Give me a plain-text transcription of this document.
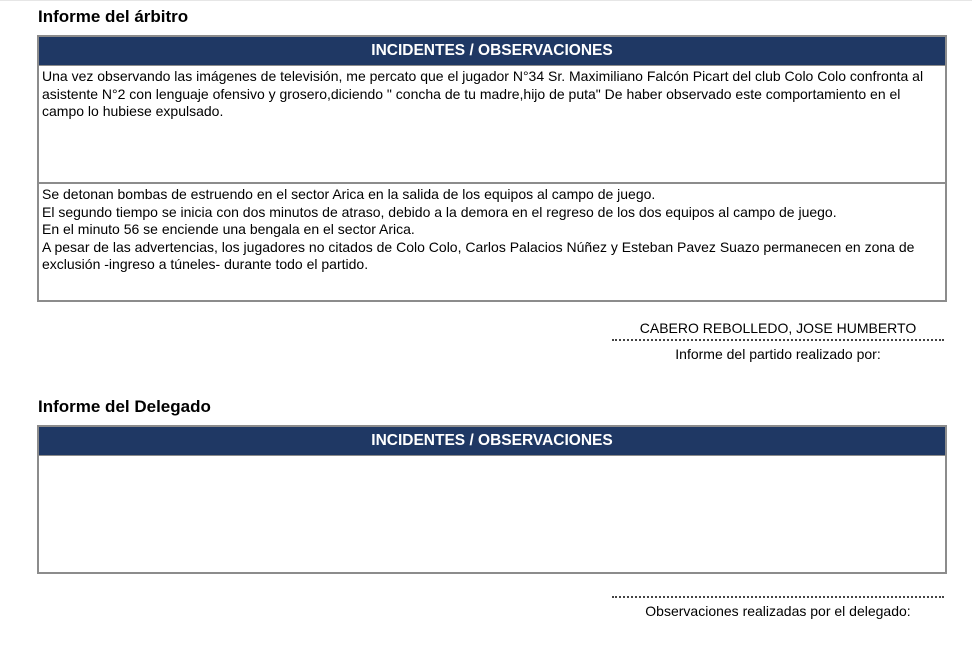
Informe del árbitro
INCIDENTES / OBSERVACIONES

Una vez observando las imágenes de televisión, me percato que el jugador N°34 Sr. Maximiliano Falcón Picart del club Colo Colo confronta al asistente N°2 con lenguaje ofensivo y grosero,diciendo " concha de tu madre,hijo de puta" De haber observado este comportamiento en el campo lo hubiese expulsado.

Se detonan bombas de estruendo en el sector Arica en la salida de los equipos al campo de juego.

El segundo tiempo se inicia con dos minutos de atraso, debido a la demora en el regreso de los dos equipos al campo de juego.

En el minuto 56 se enciende una bengala en el sector Arica.

A pesar de las advertencias, los jugadores no citados de Colo Colo, Carlos Palacios Núñez y Esteban Pavez Suazo permanecen en zona de exclusión -ingreso a túneles- durante todo el partido.

CABERO REBOLLEDO, JOSE HUMBERTO
Informe del partido realizado por:
Informe del Delegado
INCIDENTES / OBSERVACIONES

Observaciones realizadas por el delegado:
